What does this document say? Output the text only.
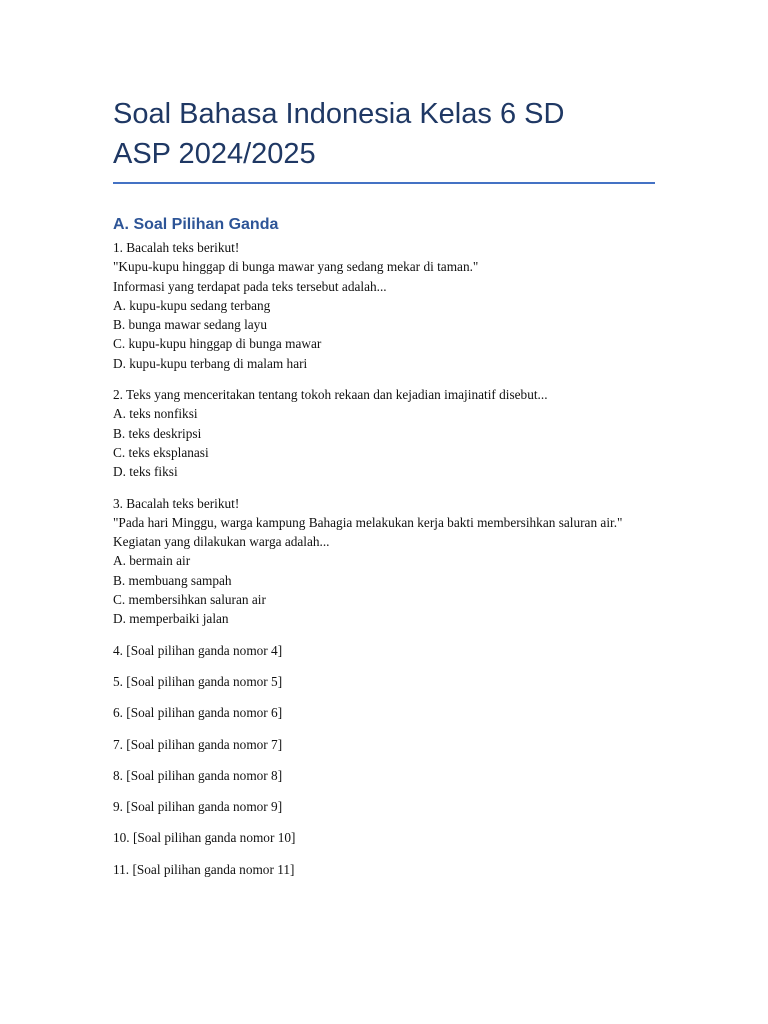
Soal Bahasa Indonesia Kelas 6 SD
ASP 2024/2025
A. Soal Pilihan Ganda
1. Bacalah teks berikut!
"Kupu-kupu hinggap di bunga mawar yang sedang mekar di taman."
Informasi yang terdapat pada teks tersebut adalah...
A. kupu-kupu sedang terbang
B. bunga mawar sedang layu
C. kupu-kupu hinggap di bunga mawar
D. kupu-kupu terbang di malam hari
2. Teks yang menceritakan tentang tokoh rekaan dan kejadian imajinatif disebut...
A. teks nonfiksi
B. teks deskripsi
C. teks eksplanasi
D. teks fiksi
3. Bacalah teks berikut!
"Pada hari Minggu, warga kampung Bahagia melakukan kerja bakti membersihkan saluran air."
Kegiatan yang dilakukan warga adalah...
A. bermain air
B. membuang sampah
C. membersihkan saluran air
D. memperbaiki jalan
4. [Soal pilihan ganda nomor 4]
5. [Soal pilihan ganda nomor 5]
6. [Soal pilihan ganda nomor 6]
7. [Soal pilihan ganda nomor 7]
8. [Soal pilihan ganda nomor 8]
9. [Soal pilihan ganda nomor 9]
10. [Soal pilihan ganda nomor 10]
11. [Soal pilihan ganda nomor 11]
